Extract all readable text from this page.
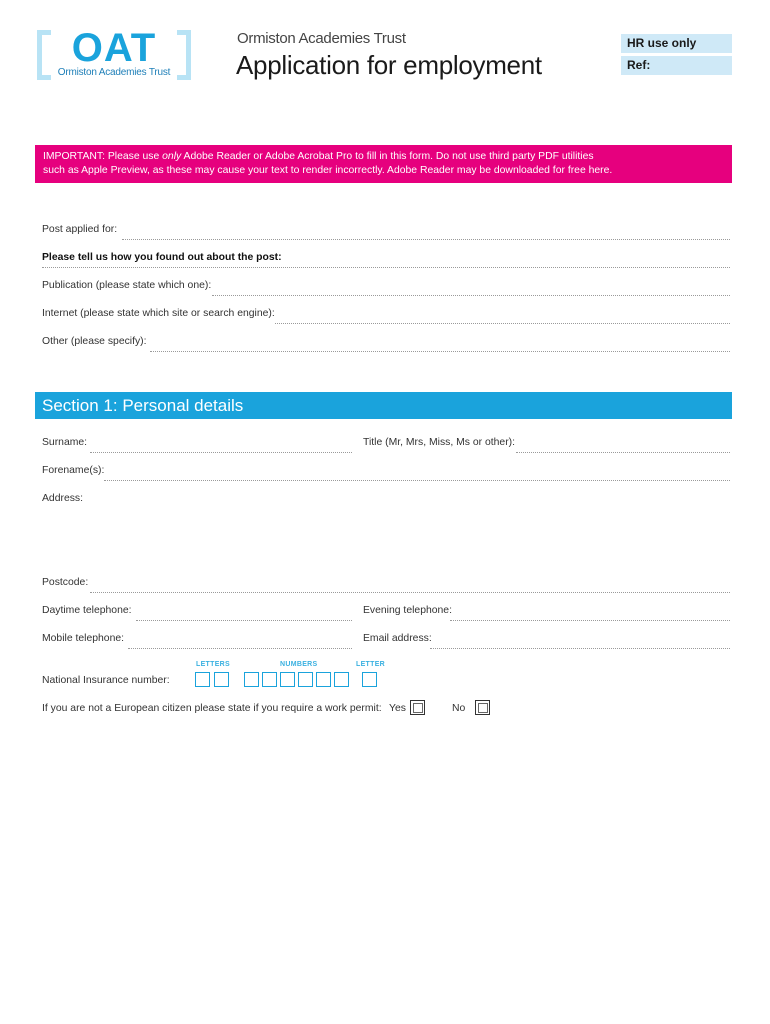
OAT
Ormiston Academies Trust
Ormiston Academies Trust
Application for employment
HR use only
Ref:
IMPORTANT: Please use only Adobe Reader or Adobe Acrobat Pro to fill in this form. Do not use third party PDF utilities
such as Apple Preview, as these may cause your text to render incorrectly. Adobe Reader may be downloaded for free here.
Post applied for:
Please tell us how you found out about the post:
Publication (please state which one):
Internet (please state which site or search engine):
Other (please specify):
Section 1: Personal details
Surname:	Title (Mr, Mrs, Miss, Ms or other):
Forename(s):
Address:
Postcode:
Daytime telephone:	Evening telephone:
Mobile telephone:	Email address:
LETTERS	NUMBERS	LETTER
National Insurance number:
If you are not a European citizen please state if you require a work permit: Yes	No
